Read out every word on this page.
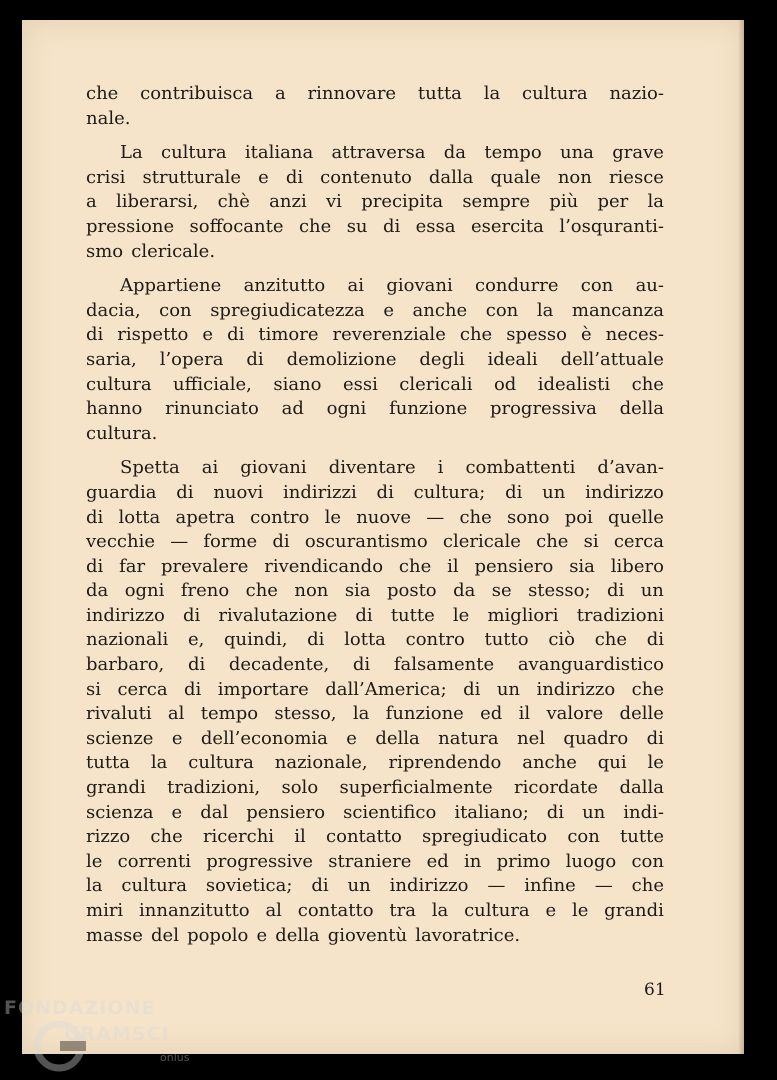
che contribuisca a rinnovare tutta la cultura nazio-
nale.
La cultura italiana attraversa da tempo una grave
crisi strutturale e di contenuto dalla quale non riesce
a liberarsi, chè anzi vi precipita sempre più per la
pressione soffocante che su di essa esercita l’osquranti-
smo clericale.
Appartiene anzitutto ai giovani condurre con au-
dacia, con spregiudicatezza e anche con la mancanza
di rispetto e di timore reverenziale che spesso è neces-
saria, l’opera di demolizione degli ideali dell’attuale
cultura ufficiale, siano essi clericali od idealisti che
hanno rinunciato ad ogni funzione progressiva della
cultura.
Spetta ai giovani diventare i combattenti d’avan-
guardia di nuovi indirizzi di cultura; di un indirizzo
di lotta apetra contro le nuove — che sono poi quelle
vecchie — forme di oscurantismo clericale che si cerca
di far prevalere rivendicando che il pensiero sia libero
da ogni freno che non sia posto da se stesso; di un
indirizzo di rivalutazione di tutte le migliori tradizioni
nazionali e, quindi, di lotta contro tutto ciò che di
barbaro, di decadente, di falsamente avanguardistico
si cerca di importare dall’America; di un indirizzo che
rivaluti al tempo stesso, la funzione ed il valore delle
scienze e dell’economia e della natura nel quadro di
tutta la cultura nazionale, riprendendo anche qui le
grandi tradizioni, solo superficialmente ricordate dalla
scienza e dal pensiero scientifico italiano; di un indi-
rizzo che ricerchi il contatto spregiudicato con tutte
le correnti progressive straniere ed in primo luogo con
la cultura sovietica; di un indirizzo — infine — che
miri innanzitutto al contatto tra la cultura e le grandi
masse del popolo e della gioventù lavoratrice.
61
FONDAZIONE
GRAMSCI
onlus
